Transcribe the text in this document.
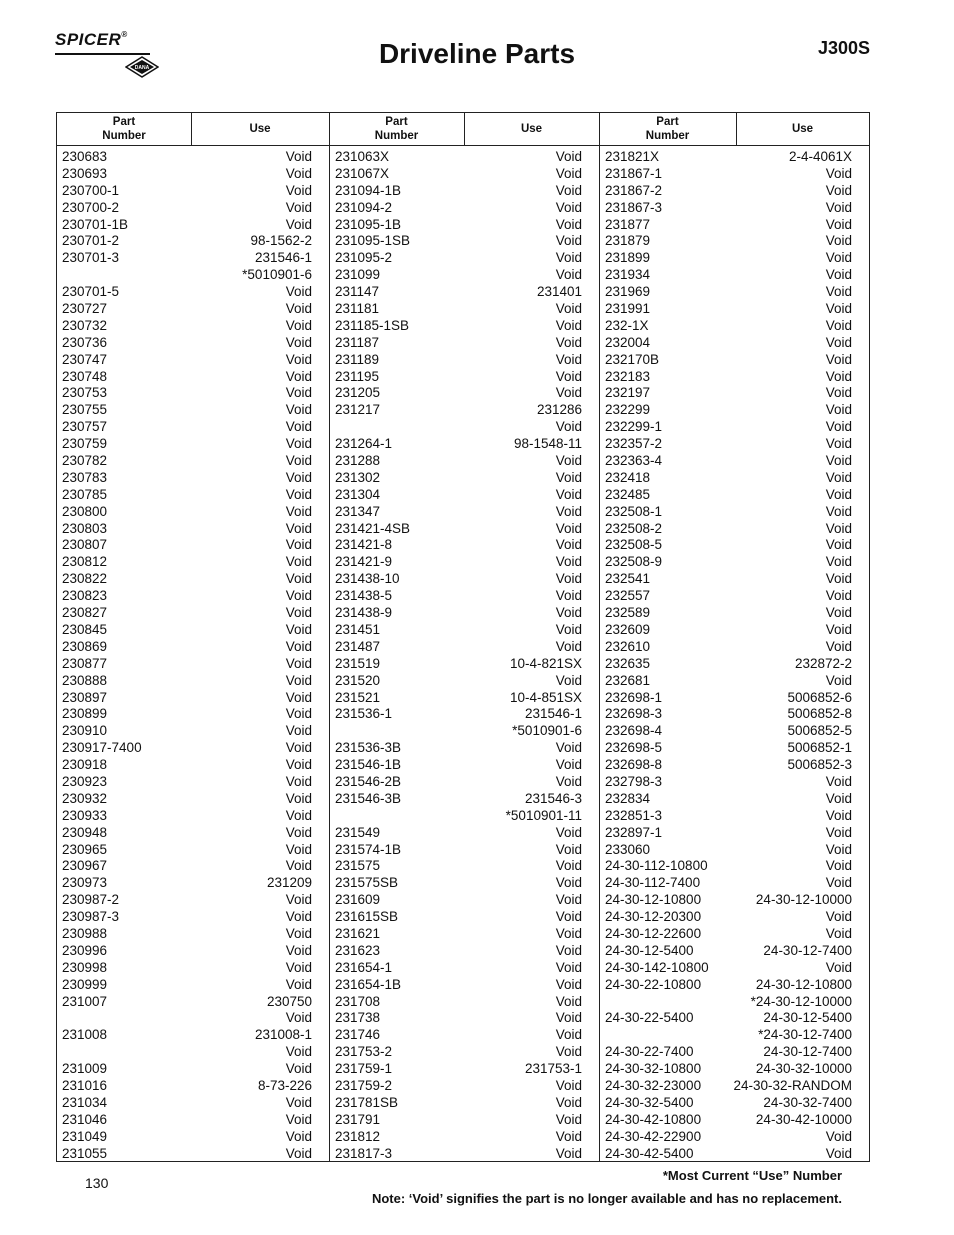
SPICER®
DANA	Driveline Parts	J300S
Part
Number
Use
Part
Number
Use
Part
Number
Use
230683	Void
230693	Void
230700-1	Void
230700-2	Void
230701-1B	Void
230701-2	98-1562-2
230701-3	231546-1
*5010901-6
230701-5	Void
230727	Void
230732	Void
230736	Void
230747	Void
230748	Void
230753	Void
230755	Void
230757	Void
230759	Void
230782	Void
230783	Void
230785	Void
230800	Void
230803	Void
230807	Void
230812	Void
230822	Void
230823	Void
230827	Void
230845	Void
230869	Void
230877	Void
230888	Void
230897	Void
230899	Void
230910	Void
230917-7400	Void
230918	Void
230923	Void
230932	Void
230933	Void
230948	Void
230965	Void
230967	Void
230973	231209
230987-2	Void
230987-3	Void
230988	Void
230996	Void
230998	Void
230999	Void
231007	230750
Void
231008	231008-1
Void
231009	Void
231016	8-73-226
231034	Void
231046	Void
231049	Void
231055	Void
231063X	Void
231067X	Void
231094-1B	Void
231094-2	Void
231095-1B	Void
231095-1SB	Void
231095-2	Void
231099	Void
231147	231401
231181	Void
231185-1SB	Void
231187	Void
231189	Void
231195	Void
231205	Void
231217	231286
Void
231264-1	98-1548-11
231288	Void
231302	Void
231304	Void
231347	Void
231421-4SB	Void
231421-8	Void
231421-9	Void
231438-10	Void
231438-5	Void
231438-9	Void
231451	Void
231487	Void
231519	10-4-821SX
231520	Void
231521	10-4-851SX
231536-1	231546-1
*5010901-6
231536-3B	Void
231546-1B	Void
231546-2B	Void
231546-3B	231546-3
*5010901-11
231549	Void
231574-1B	Void
231575	Void
231575SB	Void
231609	Void
231615SB	Void
231621	Void
231623	Void
231654-1	Void
231654-1B	Void
231708	Void
231738	Void
231746	Void
231753-2	Void
231759-1	231753-1
231759-2	Void
231781SB	Void
231791	Void
231812	Void
231817-3	Void
231821X	2-4-4061X
231867-1	Void
231867-2	Void
231867-3	Void
231877	Void
231879	Void
231899	Void
231934	Void
231969	Void
231991	Void
232-1X	Void
232004	Void
232170B	Void
232183	Void
232197	Void
232299	Void
232299-1	Void
232357-2	Void
232363-4	Void
232418	Void
232485	Void
232508-1	Void
232508-2	Void
232508-5	Void
232508-9	Void
232541	Void
232557	Void
232589	Void
232609	Void
232610	Void
232635	232872-2
232681	Void
232698-1	5006852-6
232698-3	5006852-8
232698-4	5006852-5
232698-5	5006852-1
232698-8	5006852-3
232798-3	Void
232834	Void
232851-3	Void
232897-1	Void
233060	Void
24-30-112-10800	Void
24-30-112-7400	Void
24-30-12-10800	24-30-12-10000
24-30-12-20300	Void
24-30-12-22600	Void
24-30-12-5400	24-30-12-7400
24-30-142-10800	Void
24-30-22-10800	24-30-12-10800
*24-30-12-10000
24-30-22-5400	24-30-12-5400
*24-30-12-7400
24-30-22-7400	24-30-12-7400
24-30-32-10800	24-30-32-10000
24-30-32-23000 24-30-32-RANDOM
24-30-32-5400	24-30-32-7400
24-30-42-10800	24-30-42-10000
24-30-42-22900	Void
24-30-42-5400	Void
130	*Most Current “Use” Number
Note: ‘Void’ signifies the part is no longer available and has no replacement.
